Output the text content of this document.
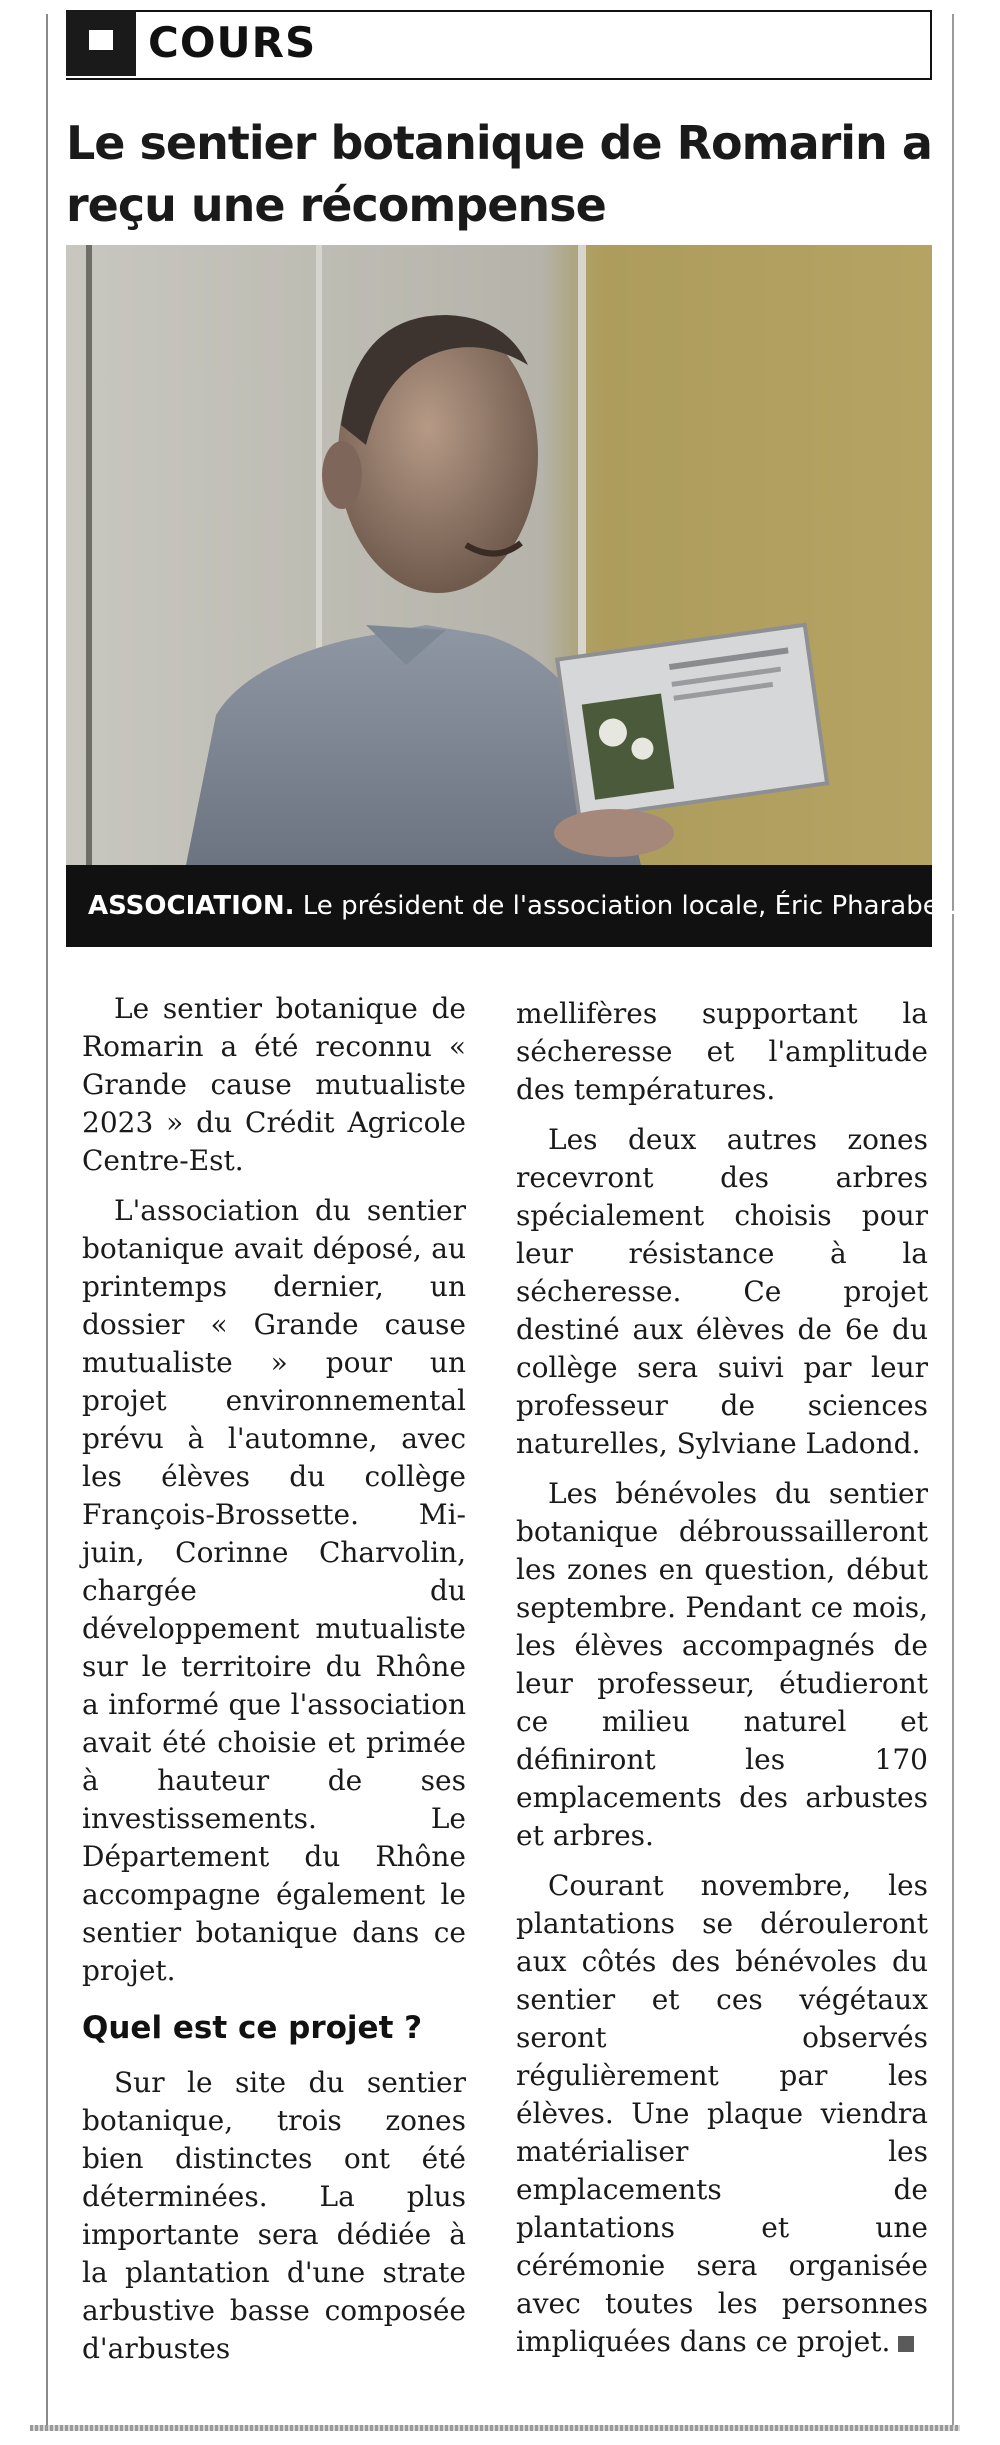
COURS
Le sentier botanique de Romarin a reçu une récompense
ASSOCIATION. Le président de l'association locale, Éric Pharabet.

Le sentier botanique de Romarin a été reconnu « Grande cause mutualiste 2023 » du Crédit Agricole Centre-Est.

L'association du sentier botanique avait déposé, au printemps dernier, un dossier « Grande cause mutualiste » pour un projet environnemental prévu à l'automne, avec les élèves du collège François-Brossette. Mi-juin, Corinne Charvolin, chargée du développement mutualiste sur le territoire du Rhône a informé que l'association avait été choisie et primée à hauteur de ses investissements. Le Département du Rhône accompagne également le sentier botanique dans ce projet.

Quel est ce projet ?

Sur le site du sentier botanique, trois zones bien distinctes ont été déterminées. La plus importante sera dédiée à la plantation d'une strate arbustive basse composée d'arbustes

mellifères supportant la sécheresse et l'amplitude des températures.

Les deux autres zones recevront des arbres spécialement choisis pour leur résistance à la sécheresse. Ce projet destiné aux élèves de 6e du collège sera suivi par leur professeur de sciences naturelles, Sylviane Ladond.

Les bénévoles du sentier botanique débroussailleront les zones en question, début septembre. Pendant ce mois, les élèves accompagnés de leur professeur, étudieront ce milieu naturel et définiront les 170 emplacements des arbustes et arbres.

Courant novembre, les plantations se dérouleront aux côtés des bénévoles du sentier et ces végétaux seront observés régulièrement par les élèves. Une plaque viendra matérialiser les emplacements de plantations et une cérémonie sera organisée avec toutes les personnes impliquées dans ce projet.
